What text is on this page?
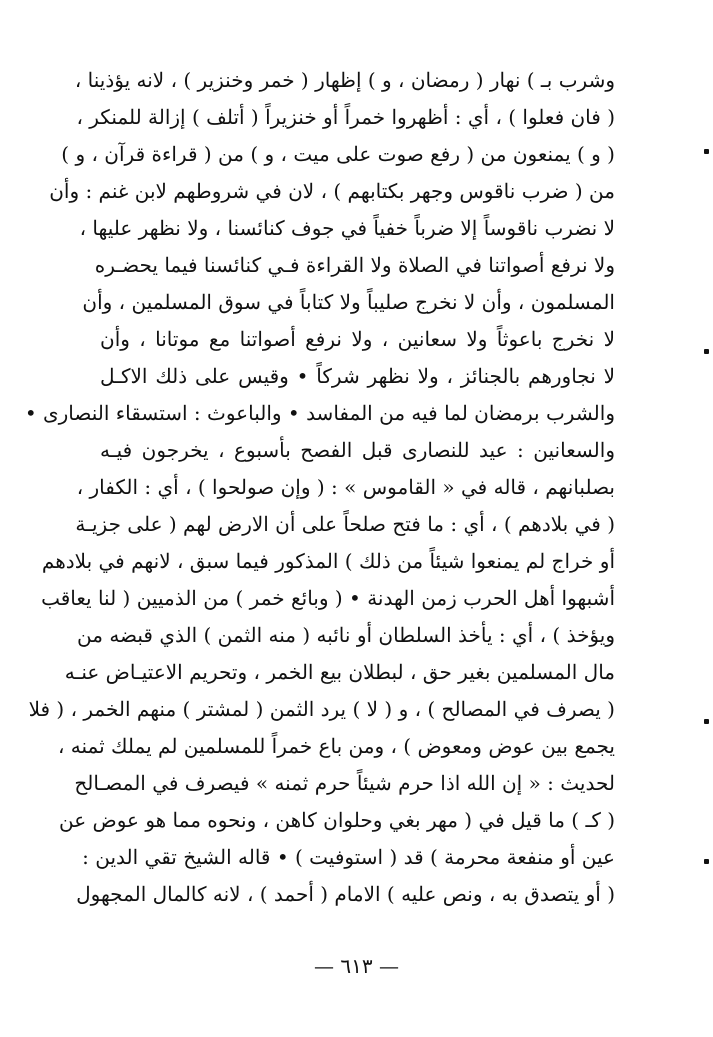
وشرب بـ ) نهار ( رمضان ، و ) إظهار ( خمر وخنزير ) ، لانه يؤذينا ،
( فان فعلوا ) ، أي : أظهروا خمراً أو خنزيراً ( أتلف ) إزالة للمنكر ،
( و ) يمنعون من ( رفع صوت على ميت ، و ) من ( قراءة قرآن ، و )
من ( ضرب ناقوس وجهر بكتابهم ) ، لان في شروطهم لابن غنم : وأن
لا نضرب ناقوساً إلا ضرباً خفياً في جوف كنائسنا ، ولا نظهر عليها ،
ولا نرفع أصواتنا في الصلاة ولا القراءة فـي كنائسنا فيما يحضـره
المسلمون ، وأن لا نخرج صليباً ولا كتاباً في سوق المسلمين ، وأن
لا نخرج باعوثاً ولا سعانين ، ولا نرفع أصواتنا مع موتانا ، وأن
لا نجاورهم بالجنائز ، ولا نظهر شركاً • وقيس على ذلك الاكـل
والشرب برمضان لما فيه من المفاسد • والباعوث : استسقاء النصارى •
والسعانين : عيد للنصارى قبل الفصح بأسبوع ، يخرجون فيـه
بصلبانهم ، قاله في « القاموس » : ( وإن صولحوا ) ، أي : الكفار ،
( في بلادهم ) ، أي : ما فتح صلحاً على أن الارض لهم ( على جزيـة
أو خراج لم يمنعوا شيئاً من ذلك ) المذكور فيما سبق ، لانهم في بلادهم
أشبهوا أهل الحرب زمن الهدنة • ( وبائع خمر ) من الذميين ( لنا يعاقب
ويؤخذ ) ، أي : يأخذ السلطان أو نائبه ( منه الثمن ) الذي قبضه من
مال المسلمين بغير حق ، لبطلان بيع الخمر ، وتحريم الاعتيـاض عنـه
( يصرف في المصالح ) ، و ( لا ) يرد الثمن ( لمشتر ) منهم الخمر ، ( فلا
يجمع بين عوض ومعوض ) ، ومن باع خمراً للمسلمين لم يملك ثمنه ،
لحديث : « إن الله اذا حرم شيئاً حرم ثمنه » فيصرف في المصـالح
( كـ ) ما قيل في ( مهر بغي وحلوان كاهن ، ونحوه مما هو عوض عن
عين أو منفعة محرمة ) قد ( استوفيت ) • قاله الشيخ تقي الدين :
( أو يتصدق به ، ونص عليه ) الامام ( أحمد ) ، لانه كالمال المجهول
— ٦١٣ —
